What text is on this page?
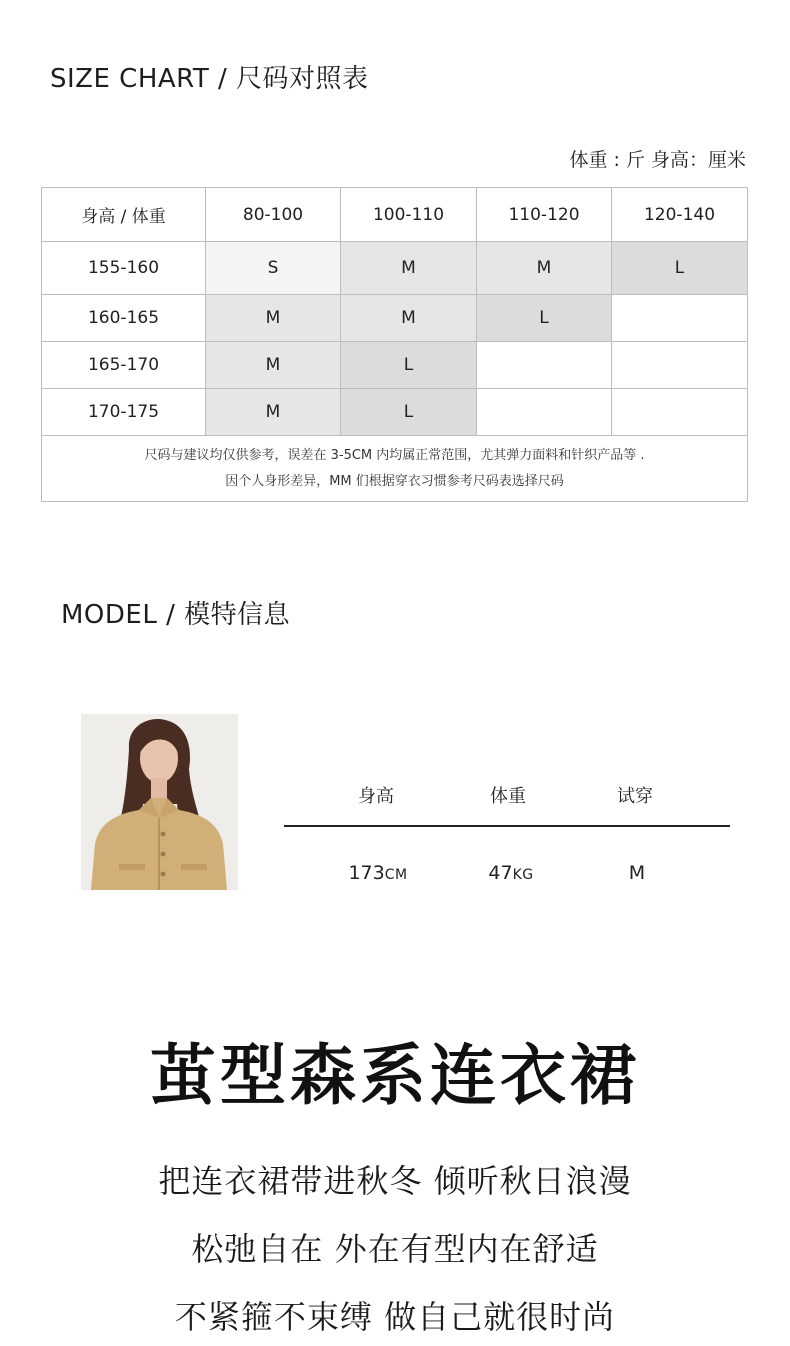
SIZE CHART / 尺码对照表
体重 : 斤 身高：厘米
身高 / 体重	80-100	100-110	110-120	120-140
155-160	S	M	M	L
160-165	M	M	L	
165-170	M	L		
170-175	M	L		

尺码与建议均仅供参考，误差在 3-5CM 内均属正常范围，尤其弹力面料和针织产品等 .
因个人身形差异，MM 们根据穿衣习惯参考尺码表选择尺码				
MODEL / 模特信息
身高	体重	试穿
173CM	47KG	M
茧型森系连衣裙
把连衣裙带进秋冬 倾听秋日浪漫
松弛自在 外在有型内在舒适
不紧箍不束缚 做自己就很时尚
